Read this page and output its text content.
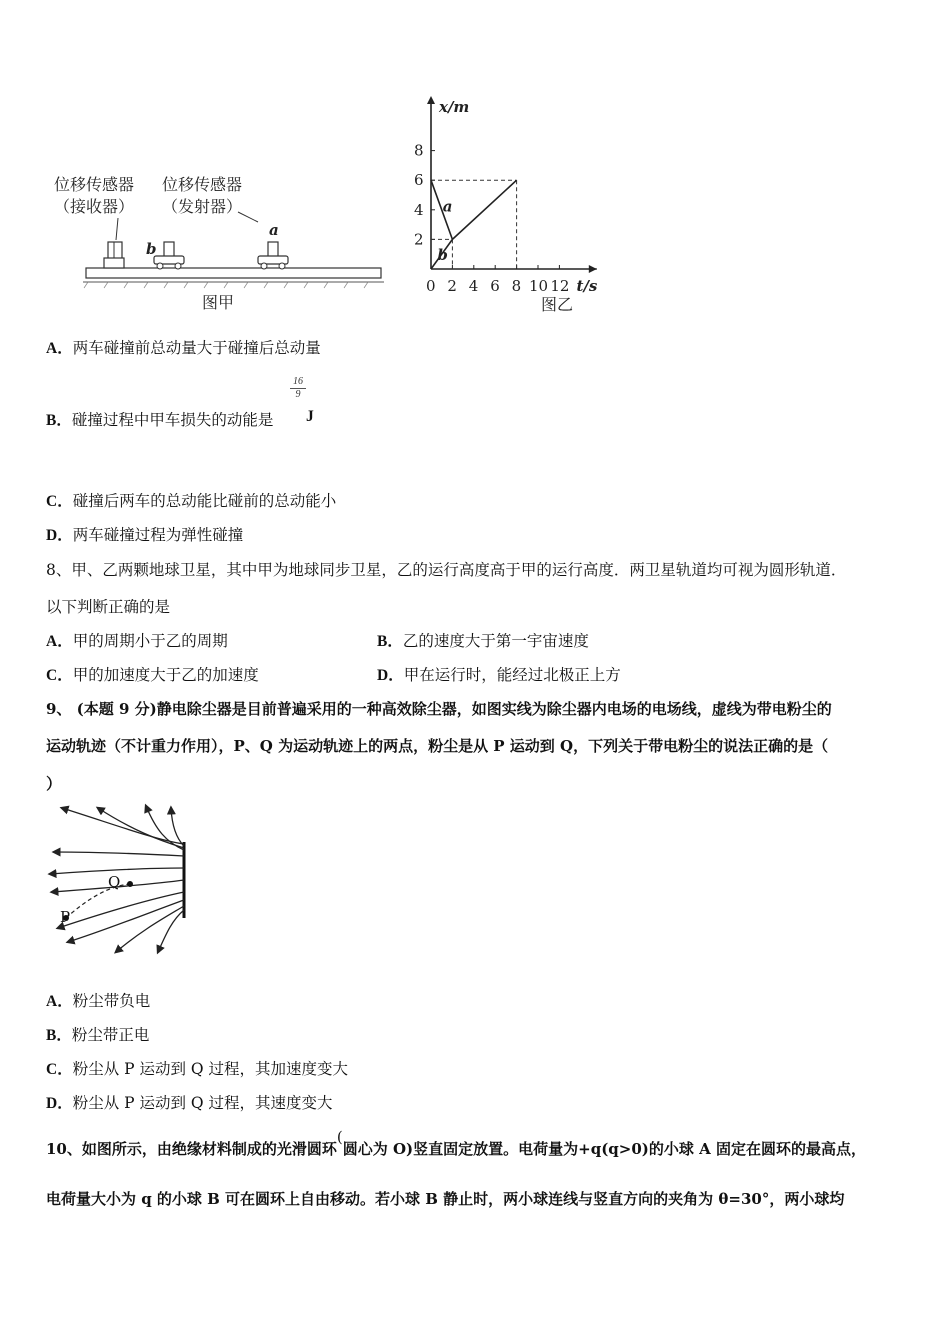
位移传感器
（接收器）
位移传感器
（发射器）
b
a
图甲
x/m
t/s
0 2 4 6 8 10 12
2
4
6
8
a
b
图乙
A．两车碰撞前总动量大于碰撞后总动量
B．碰撞过程中甲车损失的动能是
$\frac{16}{9}$
J
C．碰撞后两车的总动能比碰前的总动能小
D．两车碰撞过程为弹性碰撞
8、甲、乙两颗地球卫星，其中甲为地球同步卫星，乙的运行高度高于甲的运行高度．两卫星轨道均可视为圆形轨道．
以下判断正确的是
A．甲的周期小于乙的周期	B．乙的速度大于第一宇宙速度
C．甲的加速度大于乙的加速度	D．甲在运行时，能经过北极正上方
9、 (本题 9 分)静电除尘器是目前普遍采用的一种高效除尘器，如图实线为除尘器内电场的电场线，虚线为带电粉尘的
运动轨迹（不计重力作用），P、Q 为运动轨迹上的两点，粉尘是从 P 运动到 Q，下列关于带电粉尘的说法正确的是（
）
P
Q
A．粉尘带负电
B．粉尘带正电
C．粉尘从 P 运动到 Q 过程，其加速度变大
D．粉尘从 P 运动到 Q 过程，其速度变大
10、如图所示，由绝缘材料制成的光滑圆环(圆心为 O)竖直固定放置。电荷量为+q(q>0)的小球 A 固定在圆环的最高点，
电荷量大小为 q 的小球 B 可在圆环上自由移动。若小球 B 静止时，两小球连线与竖直方向的夹角为 θ=30°，两小球均
